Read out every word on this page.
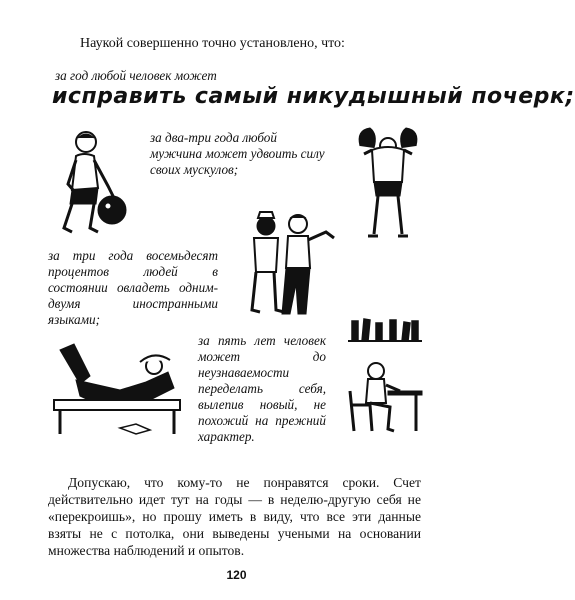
Наукой совершенно точно установлено, что:
за год любой человек может
исправить самый никудышный почерк;
за два-три года любой мужчина может удвоить силу своих мускулов;
за три года восемьдесят процентов людей в состоянии овладеть одним-двумя иностранными языками;
за пять лет человек может до неузнаваемости переделать себя, вылепив новый, не похожий на прежний характер.
Допускаю, что кому-то не понравятся сроки. Счет действительно идет тут на годы — в неделю-другую себя не «перекроишь», но прошу иметь в виду, что все эти данные взяты не с потолка, они выведены учеными на основании множества наблюдений и опытов.
120
